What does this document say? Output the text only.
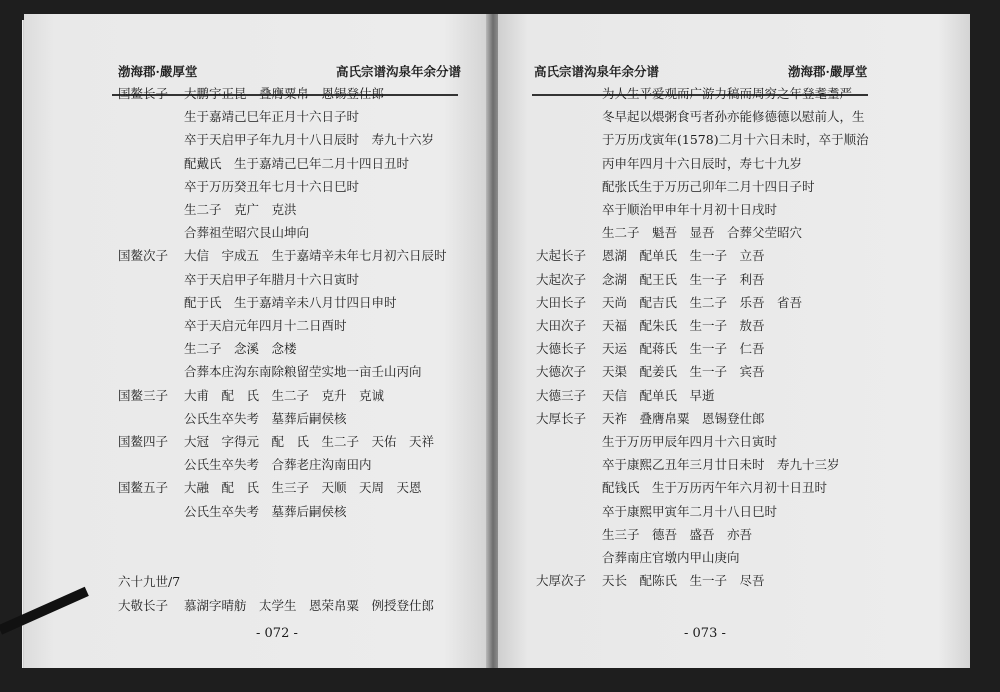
渤海郡·嚴厚堂	高氏宗谱沟泉年余分谱
国鳌长子 大鹏宇正昆　叠膺粟帛　恩锡登仕郎
生于嘉靖己巳年正月十六日子时
卒于天启甲子年九月十八日辰时　寿九十六岁
配戴氏　生于嘉靖己巳年二月十四日丑时
卒于万历癸丑年七月十六日巳时
生二子　克广　克洪
合葬祖茔昭穴艮山坤向
国鳌次子 大信　宇成五　生于嘉靖辛未年七月初六日辰时
卒于天启甲子年腊月十六日寅时
配于氏　生于嘉靖辛未八月廿四日申时
卒于天启元年四月十二日酉时
生二子　念溪　念楼
合葬本庄沟东南除粮留茔实地一亩壬山丙向
国鳌三子 大甫　配　氏　生二子　克升　克诚
公氏生卒失考　墓葬后嗣侯核
国鳌四子 大冠　字得元　配　氏　生二子　天佑　天祥
公氏生卒失考　合葬老庄沟南田内
国鳌五子 大融　配　氏　生三子　天顺　天周　天恩
公氏生卒失考　墓葬后嗣侯核
六十九世/7
大敬长子 慕湖字晴舫　太学生　恩荣帛粟　例授登仕郎
- 072 -
高氏宗谱沟泉年余分谱	渤海郡·嚴厚堂
为人生平爱观而广游力稿而周穷之年登耄耋严
冬早起以煨粥食丐者孙亦能修德德以慰前人，生
于万历戊寅年(1578)二月十六日未时，卒于顺治
丙申年四月十六日辰时，寿七十九岁
配张氏生于万历己卯年二月十四日子时
卒于顺治甲申年十月初十日戌时
生二子　魁吾　显吾　合葬父茔昭穴
大起长子 恩湖　配单氏　生一子　立吾
大起次子 念湖　配王氏　生一子　利吾
大田长子 天尚　配吉氏　生二子　乐吾　省吾
大田次子 天福　配朱氏　生一子　敖吾
大德长子 天运　配蒋氏　生一子　仁吾
大德次子 天渠　配姜氏　生一子　宾吾
大德三子 天信　配单氏　早逝
大厚长子 天祚　叠膺帛粟　恩锡登仕郎
生于万历甲辰年四月十六日寅时
卒于康熙乙丑年三月廿日未时　寿九十三岁
配钱氏　生于万历丙午年六月初十日丑时
卒于康熙甲寅年二月十八日巳时
生三子　德吾　盛吾　亦吾
合葬南庄官墩内甲山庚向
大厚次子 天长　配陈氏　生一子　尽吾
- 073 -
